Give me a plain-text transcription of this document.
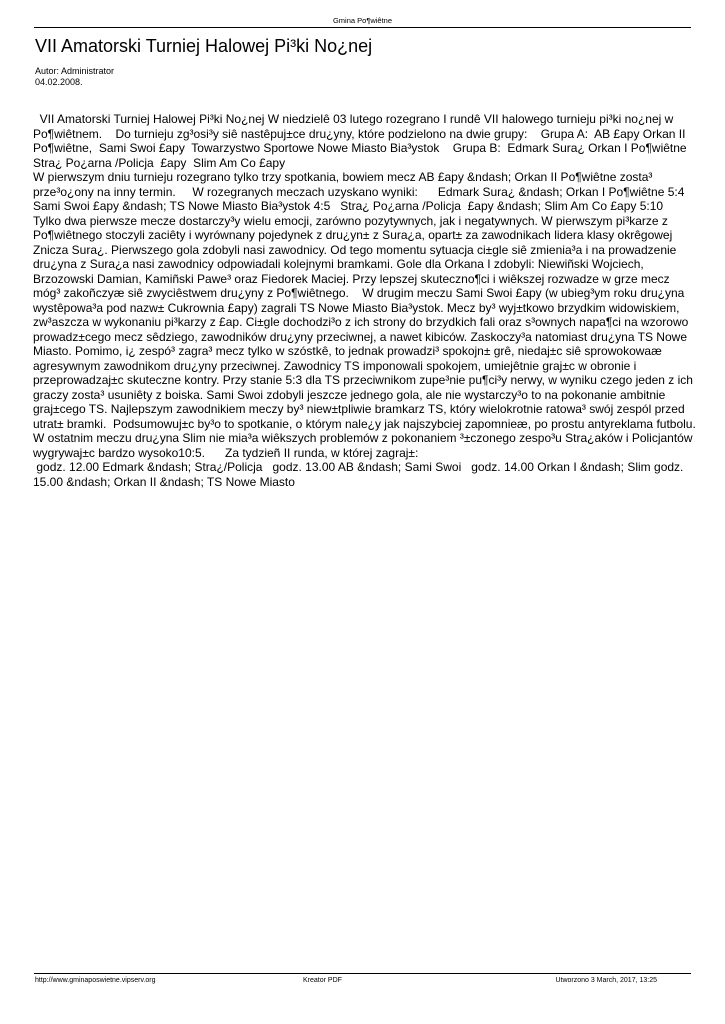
Gmina Po¶wiêtne
VII Amatorski Turniej Halowej Pi³ki No¿nej
Autor: Administrator
04.02.2008.
VII Amatorski Turniej Halowej Pi³ki No¿nej W niedzielê 03 lutego rozegrano I rundê VII halowego turnieju pi³ki no¿nej w Po¶wiêtnem.    Do turnieju zg³osi³y siê nastêpuj±ce dru¿yny, które podzielono na dwie grupy:    Grupa A:  AB £apy Orkan II Po¶wiêtne,  Sami Swoi £apy  Towarzystwo Sportowe Nowe Miasto Bia³ystok    Grupa B:  Edmark Sura¿ Orkan I Po¶wiêtne  Stra¿ Po¿arna /Policja  £apy  Slim Am Co £apy
W pierwszym dniu turnieju rozegrano tylko trzy spotkania, bowiem mecz AB £apy &ndash; Orkan II Po¶wiêtne zosta³ prze³o¿ony na inny termin.     W rozegranych meczach uzyskano wyniki:      Edmark Sura¿ &ndash; Orkan I Po¶wiêtne 5:4   Sami Swoi £apy &ndash; TS Nowe Miasto Bia³ystok 4:5   Stra¿ Po¿arna /Policja  £apy &ndash; Slim Am Co £apy 5:10     Tylko dwa pierwsze mecze dostarczy³y wielu emocji, zarówno pozytywnych, jak i negatywnych. W pierwszym pi³karze z Po¶wiêtnego stoczyli zaciêty i wyrównany pojedynek z dru¿yn± z Sura¿a, opart± za zawodnikach lidera klasy okrêgowej Znicza Sura¿. Pierwszego gola zdobyli nasi zawodnicy. Od tego momentu sytuacja ci±gle siê zmienia³a i na prowadzenie dru¿yna z Sura¿a nasi zawodnicy odpowiadali kolejnymi bramkami. Gole dla Orkana I zdobyli: Niewiñski Wojciech, Brzozowski Damian, Kamiñski Pawe³ oraz Fiedorek Maciej. Przy lepszej skuteczno¶ci i wiêkszej rozwadze w grze mecz móg³ zakoñczyæ siê zwyciêstwem dru¿yny z Po¶wiêtnego.    W drugim meczu Sami Swoi £apy (w ubieg³ym roku dru¿yna wystêpowa³a pod nazw± Cukrownia £apy) zagrali TS Nowe Miasto Bia³ystok. Mecz by³ wyj±tkowo brzydkim widowiskiem, zw³aszcza w wykonaniu pi³karzy z £ap. Ci±gle dochodzi³o z ich strony do brzydkich fali oraz s³ownych napa¶ci na wzorowo prowadz±cego mecz sêdziego, zawodników dru¿yny przeciwnej, a nawet kibiców. Zaskoczy³a natomiast dru¿yna TS Nowe Miasto. Pomimo, i¿ zespó³ zagra³ mecz tylko w szóstkê, to jednak prowadzi³ spokojn± grê, niedaj±c siê sprowokowaæ agresywnym zawodnikom dru¿yny przeciwnej. Zawodnicy TS imponowali spokojem, umiejêtnie graj±c w obronie i  przeprowadzaj±c skuteczne kontry. Przy stanie 5:3 dla TS przeciwnikom zupe³nie pu¶ci³y nerwy, w wyniku czego jeden z ich graczy zosta³ usuniêty z boiska. Sami Swoi zdobyli jeszcze jednego gola, ale nie wystarczy³o to na pokonanie ambitnie graj±cego TS. Najlepszym zawodnikiem meczy by³ niew±tpliwie bramkarz TS, który wielokrotnie ratowa³ swój zespól przed utrat± bramki.  Podsumowuj±c by³o to spotkanie, o którym nale¿y jak najszybciej zapomnieæ, po prostu antyreklama futbolu.    W ostatnim meczu dru¿yna Slim nie mia³a wiêkszych problemów z pokonaniem ³±czonego zespo³u Stra¿aków i Policjantów wygrywaj±c bardzo wysoko10:5.      Za tydzieñ II runda, w której zagraj±:
godz. 12.00 Edmark &ndash; Stra¿/Policja   godz. 13.00 AB &ndash; Sami Swoi   godz. 14.00 Orkan I &ndash; Slim godz. 15.00 &ndash; Orkan II &ndash; TS Nowe Miasto
http://www.gminaposwietne.vipserv.org	Kreator PDF	Utworzono 3 March, 2017, 13:25
